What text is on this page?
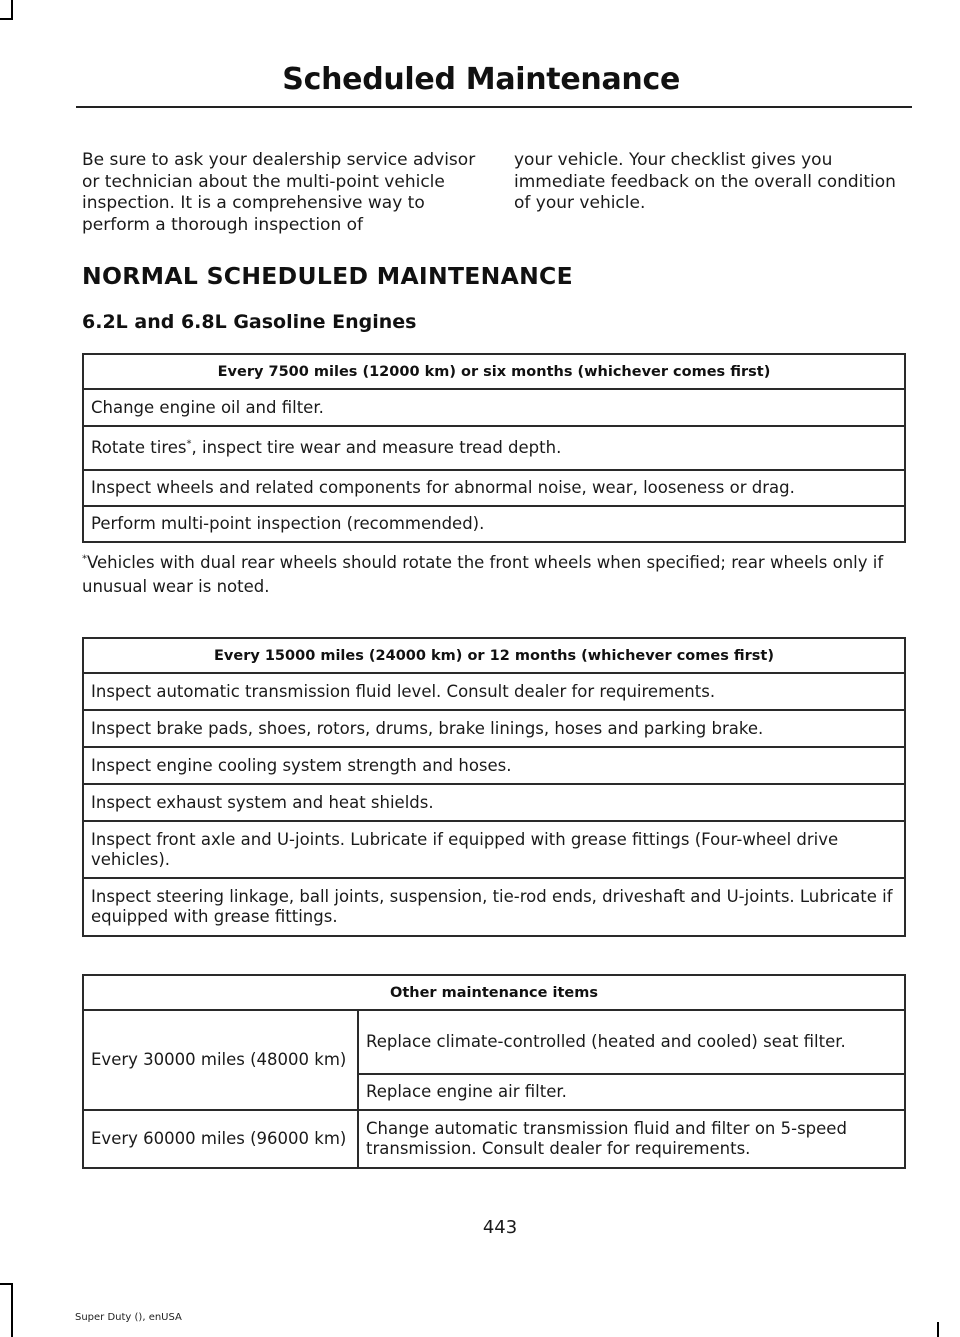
Scheduled Maintenance

Be sure to ask your dealership service advisor or technician about the multi-point vehicle inspection. It is a comprehensive way to perform a thorough inspection of

your vehicle. Your checklist gives you immediate feedback on the overall condition of your vehicle.

NORMAL SCHEDULED MAINTENANCE
6.2L and 6.8L Gasoline Engines
Every 7500 miles (12000 km) or six months (whichever comes first)
Change engine oil and filter.
Rotate tires*, inspect tire wear and measure tread depth.
Inspect wheels and related components for abnormal noise, wear, looseness or drag.
Perform multi-point inspection (recommended).
*Vehicles with dual rear wheels should rotate the front wheels when specified; rear wheels only if unusual wear is noted.
Every 15000 miles (24000 km) or 12 months (whichever comes first)
Inspect automatic transmission fluid level. Consult dealer for requirements.
Inspect brake pads, shoes, rotors, drums, brake linings, hoses and parking brake.
Inspect engine cooling system strength and hoses.
Inspect exhaust system and heat shields.
Inspect front axle and U-joints. Lubricate if equipped with grease fittings (Four-wheel drive vehicles).
Inspect steering linkage, ball joints, suspension, tie-rod ends, driveshaft and U-joints. Lubricate if equipped with grease fittings.
Other maintenance items	
Every 30000 miles (48000 km)	Replace climate-controlled (heated and cooled) seat filter.
	Replace engine air filter.
Every 60000 miles (96000 km)	Change automatic transmission fluid and filter on 5-speed transmission. Consult dealer for requirements.
443
Super Duty (), enUSA
